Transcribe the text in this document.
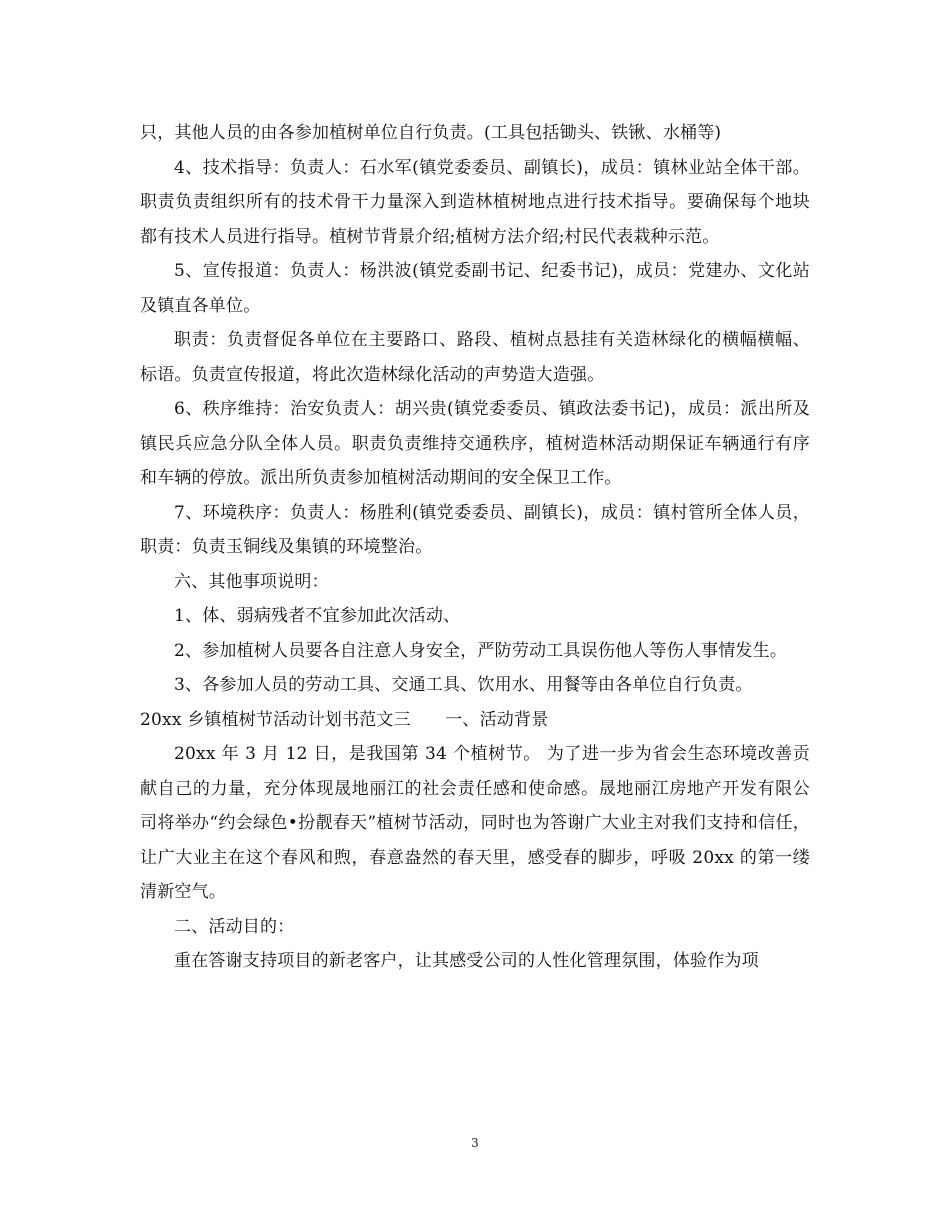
只，其他人员的由各参加植树单位自行负责。(工具包括锄头、铁锹、水桶等)

4、技术指导：负责人：石水军(镇党委委员、副镇长)，成员：镇林业站全体干部。职责负责组织所有的技术骨干力量深入到造林植树地点进行技术指导。要确保每个地块都有技术人员进行指导。植树节背景介绍;植树方法介绍;村民代表栽种示范。

5、宣传报道：负责人：杨洪波(镇党委副书记、纪委书记)，成员：党建办、文化站及镇直各单位。

职责：负责督促各单位在主要路口、路段、植树点悬挂有关造林绿化的横幅横幅、标语。负责宣传报道，将此次造林绿化活动的声势造大造强。

6、秩序维持：治安负责人：胡兴贵(镇党委委员、镇政法委书记)，成员：派出所及镇民兵应急分队全体人员。职责负责维持交通秩序，植树造林活动期保证车辆通行有序和车辆的停放。派出所负责参加植树活动期间的安全保卫工作。

7、环境秩序：负责人：杨胜利(镇党委委员、副镇长)，成员：镇村管所全体人员，职责：负责玉铜线及集镇的环境整治。

六、其他事项说明：

1、体、弱病残者不宜参加此次活动、

2、参加植树人员要各自注意人身安全，严防劳动工具误伤他人等伤人事情发生。

3、各参加人员的劳动工具、交通工具、饮用水、用餐等由各单位自行负责。

20xx 乡镇植树节活动计划书范文三　　一、活动背景

20xx 年 3 月 12 日，是我国第 34 个植树节。 为了进一步为省会生态环境改善贡献自己的力量，充分体现晟地丽江的社会责任感和使命感。晟地丽江房地产开发有限公司将举办“约会绿色•扮靓春天”植树节活动，同时也为答谢广大业主对我们支持和信任，让广大业主在这个春风和煦，春意盎然的春天里，感受春的脚步，呼吸 20xx 的第一缕清新空气。

二、活动目的：

重在答谢支持项目的新老客户，让其感受公司的人性化管理氛围，体验作为项

3
